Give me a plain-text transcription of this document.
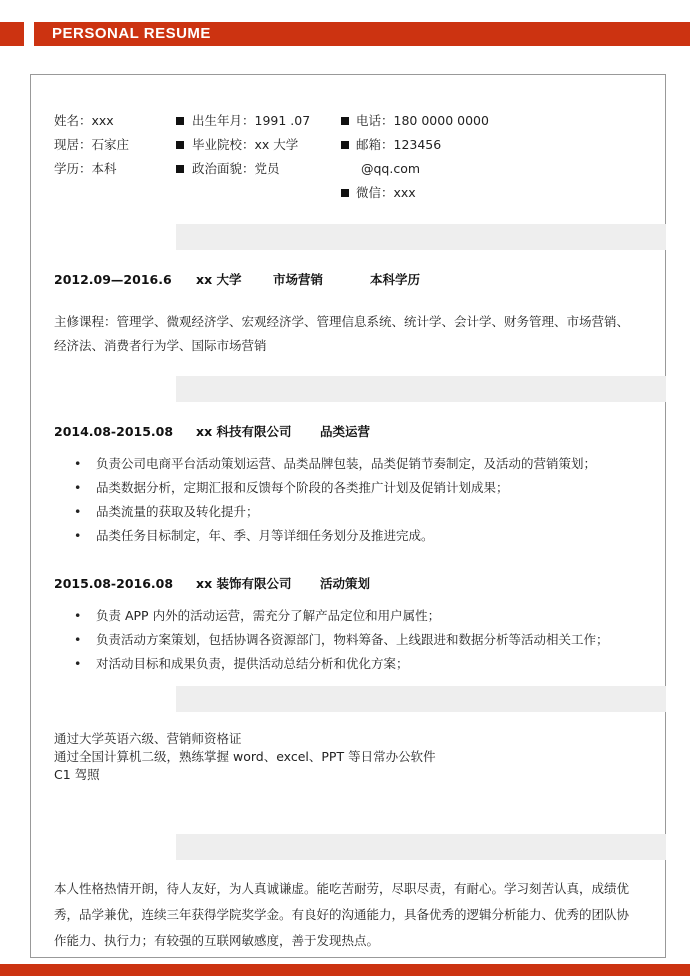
PERSONAL RESUME
姓名：xxx
现居：石家庄
学历：本科
出生年月：1991 .07
毕业院校：xx 大学
政治面貌：党员
电话：180 0000 0000
邮箱：123456
@qq.com
微信：xxx
2012.09—2016.6 xx 大学	市场营销	本科学历
主修课程：管理学、微观经济学、宏观经济学、管理信息系统、统计学、会计学、财务管理、市场营销、
经济法、消费者行为学、国际市场营销
2014.08-2015.08 xx 科技有限公司 品类运营
• 负责公司电商平台活动策划运营、品类品牌包装，品类促销节奏制定，及活动的营销策划；
• 品类数据分析，定期汇报和反馈每个阶段的各类推广计划及促销计划成果；
• 品类流量的获取及转化提升；
• 品类任务目标制定，年、季、月等详细任务划分及推进完成。
2015.08-2016.08 xx 装饰有限公司 活动策划
• 负责 APP 内外的活动运营，需充分了解产品定位和用户属性；
• 负责活动方案策划，包括协调各资源部门，物料筹备、上线跟进和数据分析等活动相关工作；
• 对活动目标和成果负责，提供活动总结分析和优化方案；
通过大学英语六级、营销师资格证
通过全国计算机二级，熟练掌握 word、excel、PPT 等日常办公软件
C1 驾照
本人性格热情开朗，待人友好，为人真诚谦虚。能吃苦耐劳，尽职尽责，有耐心。学习刻苦认真，成绩优
秀，品学兼优，连续三年获得学院奖学金。有良好的沟通能力，具备优秀的逻辑分析能力、优秀的团队协
作能力、执行力；有较强的互联网敏感度，善于发现热点。
